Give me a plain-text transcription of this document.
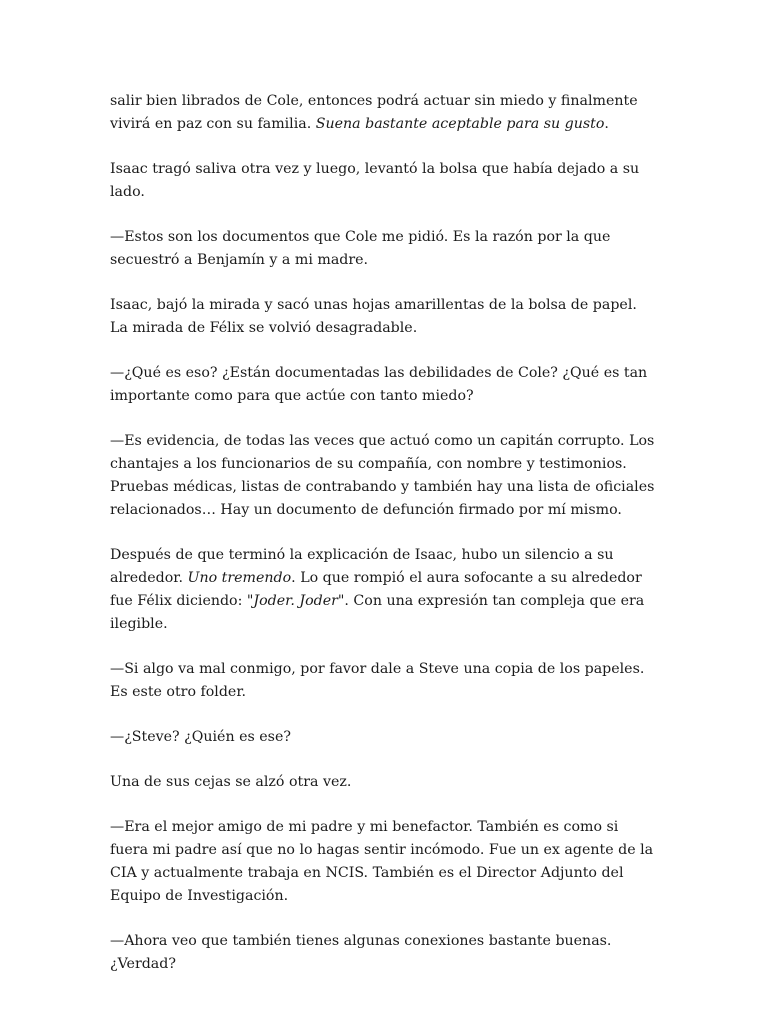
salir bien librados de Cole, entonces podrá actuar sin miedo y finalmente vivirá en paz con su familia. Suena bastante aceptable para su gusto.

Isaac tragó saliva otra vez y luego, levantó la bolsa que había dejado a su lado.

—Estos son los documentos que Cole me pidió. Es la razón por la que secuestró a Benjamín y a mi madre.

Isaac, bajó la mirada y sacó unas hojas amarillentas de la bolsa de papel. La mirada de Félix se volvió desagradable.

—¿Qué es eso? ¿Están documentadas las debilidades de Cole? ¿Qué es tan importante como para que actúe con tanto miedo?

—Es evidencia, de todas las veces que actuó como un capitán corrupto. Los chantajes a los funcionarios de su compañía, con nombre y testimonios. Pruebas médicas, listas de contrabando y también hay una lista de oficiales relacionados… Hay un documento de defunción firmado por mí mismo.

Después de que terminó la explicación de Isaac, hubo un silencio a su alrededor. Uno tremendo. Lo que rompió el aura sofocante a su alrededor fue Félix diciendo: "Joder. Joder". Con una expresión tan compleja que era ilegible.

—Si algo va mal conmigo, por favor dale a Steve una copia de los papeles. Es este otro folder.

—¿Steve? ¿Quién es ese?

Una de sus cejas se alzó otra vez.

—Era el mejor amigo de mi padre y mi benefactor. También es como si fuera mi padre así que no lo hagas sentir incómodo. Fue un ex agente de la CIA y actualmente trabaja en NCIS. También es el Director Adjunto del Equipo de Investigación.

—Ahora veo que también tienes algunas conexiones bastante buenas. ¿Verdad?
